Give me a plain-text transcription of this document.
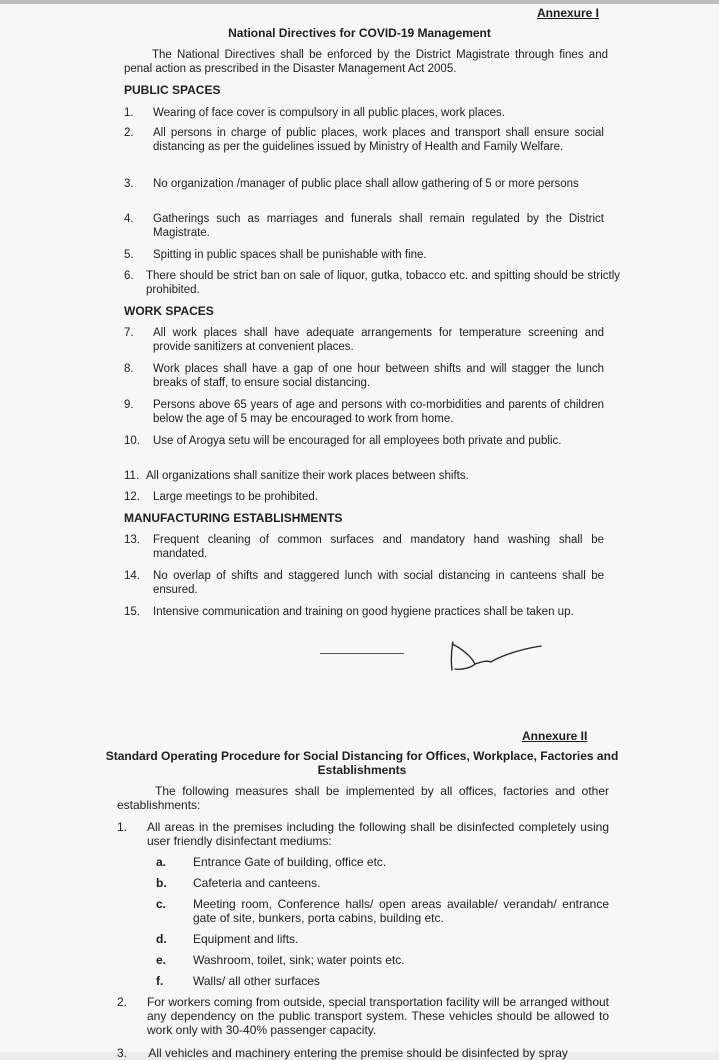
Annexure I
National Directives for COVID-19 Management
The National Directives shall be enforced by the District Magistrate through fines and penal action as prescribed in the Disaster Management Act 2005.
PUBLIC SPACES
1. Wearing of face cover is compulsory in all public places, work places.
2. All persons in charge of public places, work places and transport shall ensure social distancing as per the guidelines issued by Ministry of Health and Family Welfare.
3. No organization /manager of public place shall allow gathering of 5 or more persons
4. Gatherings such as marriages and funerals shall remain regulated by the District Magistrate.
5. Spitting in public spaces shall be punishable with fine.
6. There should be strict ban on sale of liquor, gutka, tobacco etc. and spitting should be strictly prohibited.
WORK SPACES
7. All work places shall have adequate arrangements for temperature screening and provide sanitizers at convenient places.
8. Work places shall have a gap of one hour between shifts and will stagger the lunch breaks of staff, to ensure social distancing.
9. Persons above 65 years of age and persons with co-morbidities and parents of children below the age of 5 may be encouraged to work from home.
10. Use of Arogya setu will be encouraged for all employees both private and public.
11. All organizations shall sanitize their work places between shifts.
12. Large meetings to be prohibited.
MANUFACTURING ESTABLISHMENTS
13. Frequent cleaning of common surfaces and mandatory hand washing shall be mandated.
14. No overlap of shifts and staggered lunch with social distancing in canteens shall be ensured.
15. Intensive communication and training on good hygiene practices shall be taken up.
Annexure II
Standard Operating Procedure for Social Distancing for Offices, Workplace, Factories and Establishments
The following measures shall be implemented by all offices, factories and other establishments:
1. All areas in the premises including the following shall be disinfected completely using user friendly disinfectant mediums:
a. Entrance Gate of building, office etc.
b. Cafeteria and canteens.
c. Meeting room, Conference halls/ open areas available/ verandah/ entrance gate of site, bunkers, porta cabins, building etc.
d. Equipment and lifts.
e. Washroom, toilet, sink; water points etc.
f. Walls/ all other surfaces
2. For workers coming from outside, special transportation facility will be arranged without any dependency on the public transport system. These vehicles should be allowed to work only with 30-40% passenger capacity.
3. All vehicles and machinery entering the premise should be disinfected by spray
